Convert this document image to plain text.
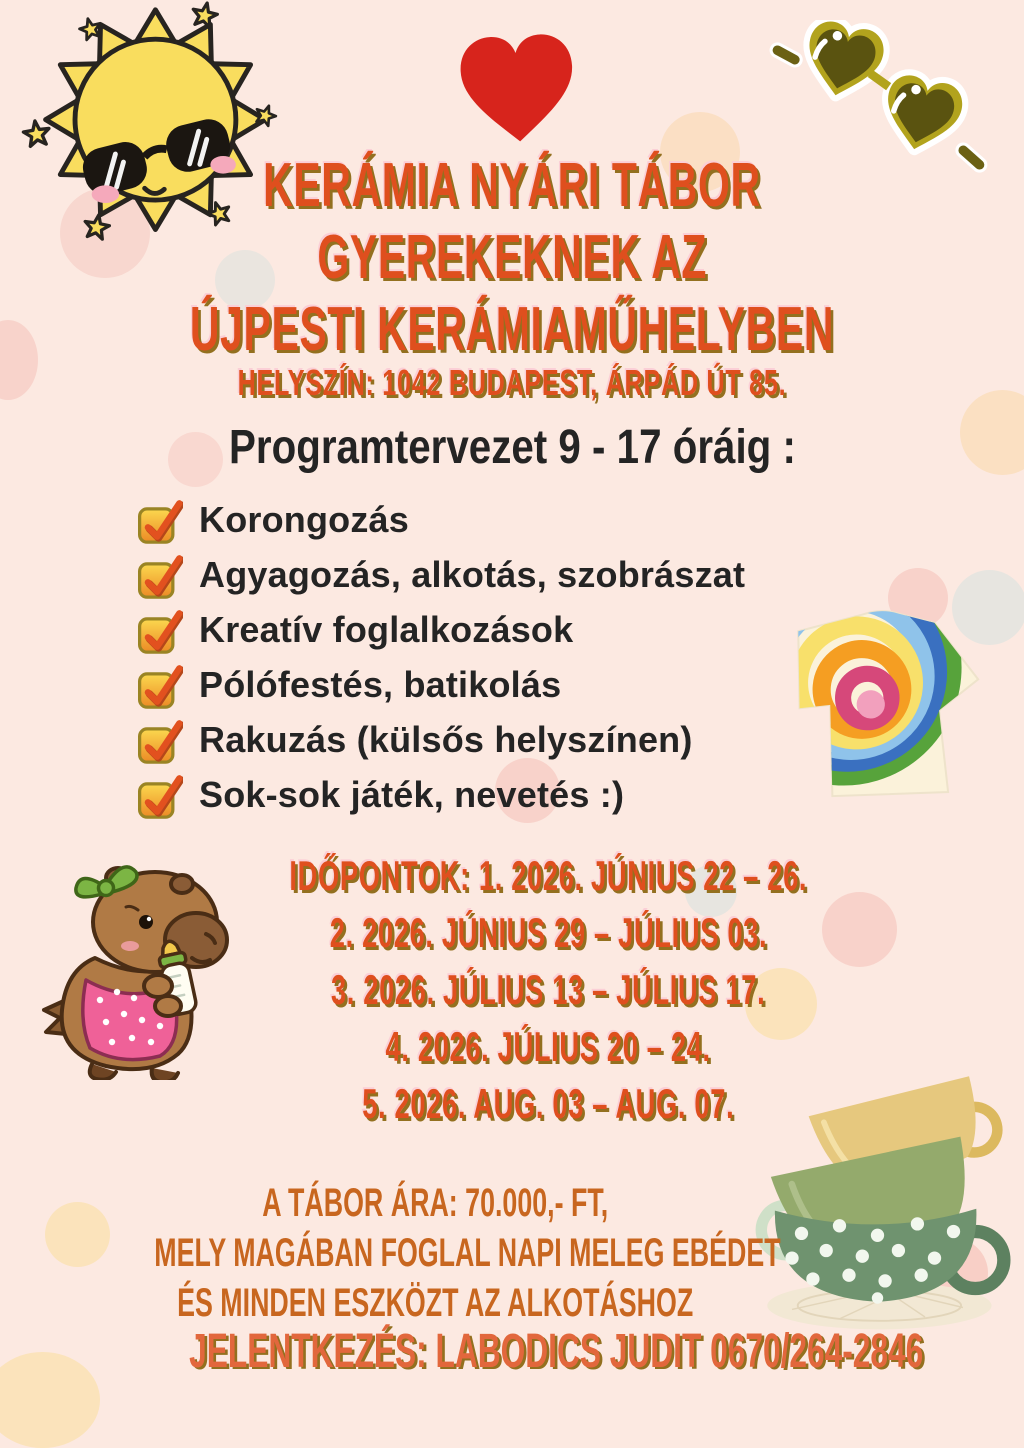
KERÁMIA NYÁRI TÁBOR
GYEREKEKNEK AZ
ÚJPESTI KERÁMIAMŰHELYBEN
HELYSZÍN: 1042 BUDAPEST, ÁRPÁD ÚT 85.
Programtervezet 9 - 17 óráig :
Korongozás
Agyagozás, alkotás, szobrászat
Kreatív foglalkozások
Pólófestés, batikolás
Rakuzás (külsős helyszínen)
Sok-sok játék, nevetés :)
IDŐPONTOK: 1. 2026. JÚNIUS 22 – 26.
2. 2026. JÚNIUS 29 – JÚLIUS 03.
3. 2026. JÚLIUS 13 – JÚLIUS 17.
4. 2026. JÚLIUS 20 – 24.
5. 2026. AUG. 03 – AUG. 07.
A TÁBOR ÁRA: 70.000,- FT,
MELY MAGÁBAN FOGLAL NAPI MELEG EBÉDET
ÉS MINDEN ESZKÖZT AZ ALKOTÁSHOZ
JELENTKEZÉS: LABODICS JUDIT 0670/264-2846
